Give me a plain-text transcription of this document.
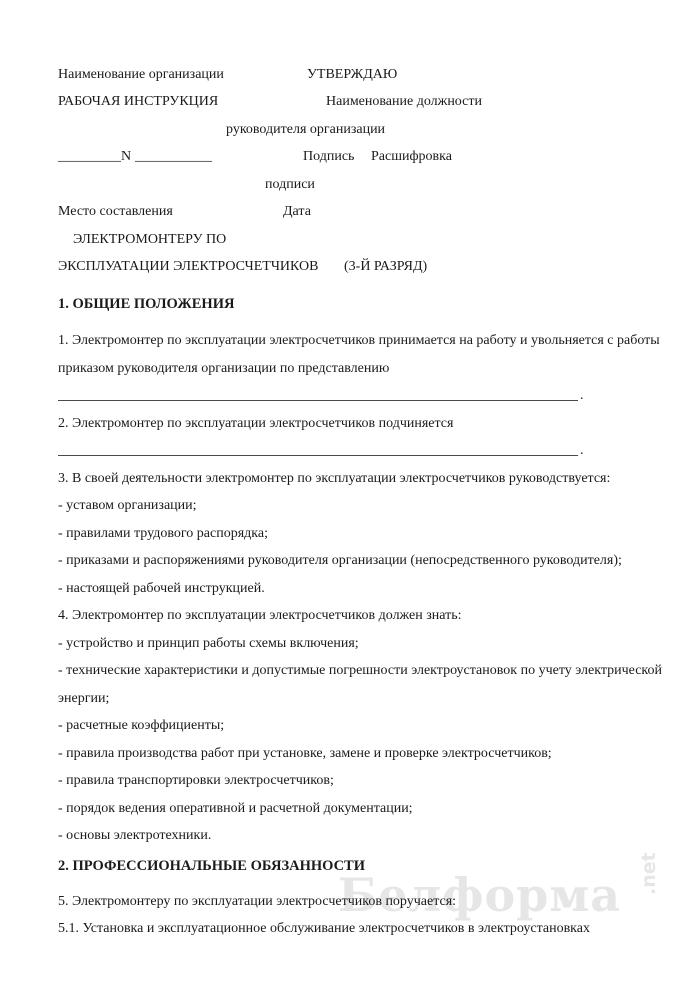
Наименование организации	УТВЕРЖДАЮ
РАБОЧАЯ ИНСТРУКЦИЯ	Наименование должности
руководителя организации
_________ N ___________	Подпись Расшифровка
подписи
Место составления	Дата
ЭЛЕКТРОМОНТЕРУ ПО
ЭКСПЛУАТАЦИИ ЭЛЕКТРОСЧЕТЧИКОВ (3-Й РАЗРЯД)
1. ОБЩИЕ ПОЛОЖЕНИЯ
1. Электромонтер по эксплуатации электросчетчиков принимается на работу и увольняется с работы
приказом руководителя организации по представлению
.
2. Электромонтер по эксплуатации электросчетчиков подчиняется
.
3. В своей деятельности электромонтер по эксплуатации электросчетчиков руководствуется:
- уставом организации;
- правилами трудового распорядка;
- приказами и распоряжениями руководителя организации (непосредственного руководителя);
- настоящей рабочей инструкцией.
4. Электромонтер по эксплуатации электросчетчиков должен знать:
- устройство и принцип работы схемы включения;
- технические характеристики и допустимые погрешности электроустановок по учету электрической
энергии;
- расчетные коэффициенты;
- правила производства работ при установке, замене и проверке электросчетчиков;
- правила транспортировки электросчетчиков;
- порядок ведения оперативной и расчетной документации;
- основы электротехники.
Белформа .net
2. ПРОФЕССИОНАЛЬНЫЕ ОБЯЗАННОСТИ
5. Электромонтеру по эксплуатации электросчетчиков поручается:
5.1. Установка и эксплуатационное обслуживание электросчетчиков в электроустановках
